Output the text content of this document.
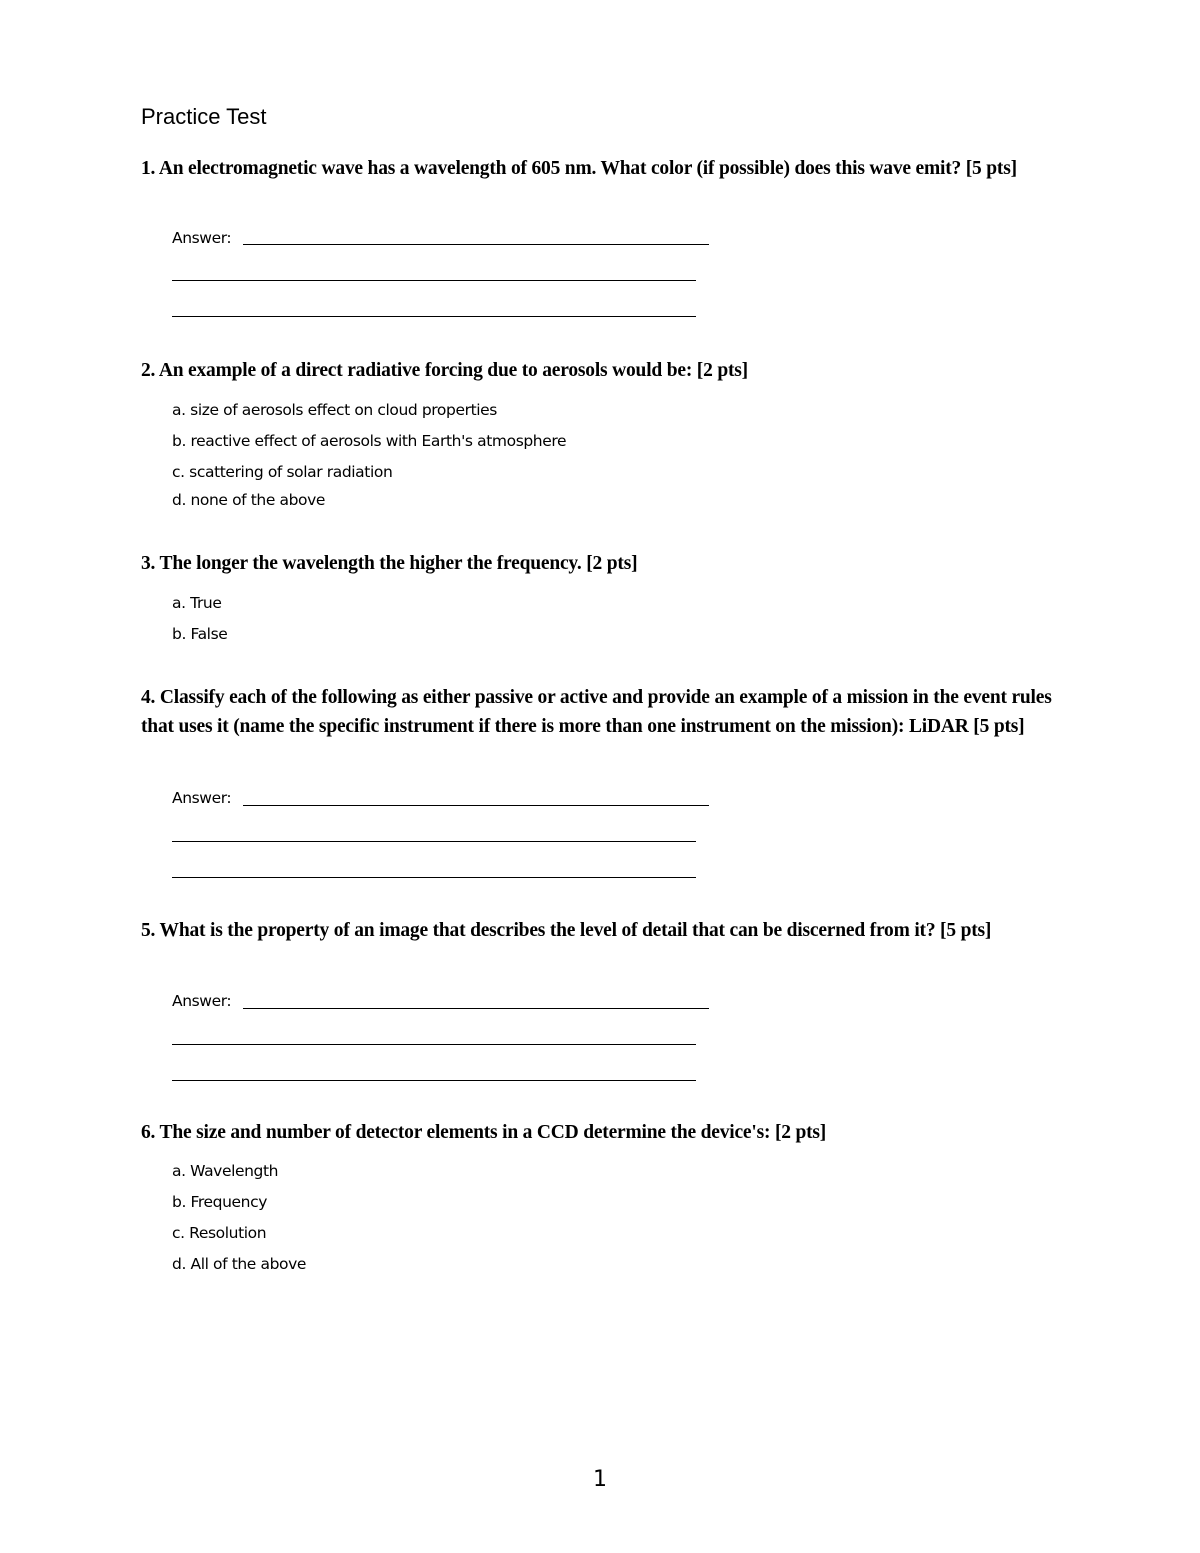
Practice Test
1. An electromagnetic wave has a wavelength of 605 nm. What color (if possible) does this wave emit? [5 pts]
Answer:
2. An example of a direct radiative forcing due to aerosols would be: [2 pts]
a. size of aerosols effect on cloud properties
b. reactive effect of aerosols with Earth's atmosphere
c. scattering of solar radiation
d. none of the above
3. The longer the wavelength the higher the frequency. [2 pts]
a. True
b. False
4. Classify each of the following as either passive or active and provide an example of a mission in the event rules that uses it (name the specific instrument if there is more than one instrument on the mission): LiDAR [5 pts]
Answer:
5. What is the property of an image that describes the level of detail that can be discerned from it? [5 pts]
Answer:
6. The size and number of detector elements in a CCD determine the device's: [2 pts]
a. Wavelength
b. Frequency
c. Resolution
d. All of the above
1
